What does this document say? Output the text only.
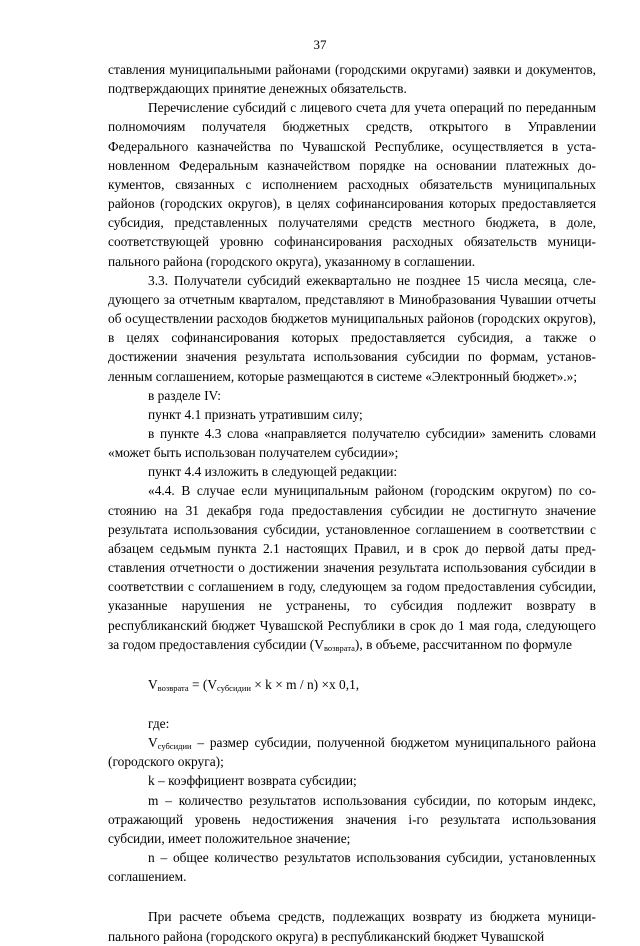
37

ставления муниципальными районами (городскими округами) заявки и документов, подтверждающих принятие денежных обязательств.

Перечисление субсидий с лицевого счета для учета операций по переданным полномочиям получателя бюджетных средств, открытого в Управлении Федерального казначейства по Чувашской Республике, осуществляется в установленном Федеральным казначейством порядке на основании платежных документов, связанных с исполнением расходных обязательств муниципальных районов (городских округов), в целях софинансирования которых предоставляется субсидия, представленных получателями средств местного бюджета, в доле, соответствующей уровню софинансирования расходных обязательств муниципального района (городского округа), указанному в соглашении.

3.3. Получатели субсидий ежеквартально не позднее 15 числа месяца, следующего за отчетным кварталом, представляют в Минобразования Чувашии отчеты об осуществлении расходов бюджетов муниципальных районов (городских округов), в целях софинансирования которых предоставляется субсидия, а также о достижении значения результата использования субсидии по формам, установленным соглашением, которые размещаются в системе «Электронный бюджет».»;

в разделе IV:

пункт 4.1 признать утратившим силу;

в пункте 4.3 слова «направляется получателю субсидии» заменить словами «может быть использован получателем субсидии»;

пункт 4.4 изложить в следующей редакции:

«4.4. В случае если муниципальным районом (городским округом) по состоянию на 31 декабря года предоставления субсидии не достигнуто значение результата использования субсидии, установленное соглашением в соответствии с абзацем седьмым пункта 2.1 настоящих Правил, и в срок до первой даты представления отчетности о достижении значения результата использования субсидии в соответствии с соглашением в году, следующем за годом предоставления субсидии, указанные нарушения не устранены, то субсидия подлежит возврату в республиканский бюджет Чувашской Республики в срок до 1 мая года, следующего за годом предоставления субсидии $(V_{возврата})$, в объеме, рассчитанном по формуле

$V_{возврата} = (V_{субсидии} \times k \times m / n) \times x$ 0,1,

где:

$V_{субсидии}$ – размер субсидии, полученной бюджетом муниципального района (городского округа);

k – коэффициент возврата субсидии;

m – количество результатов использования субсидии, по которым индекс, отражающий уровень недостижения значения i-го результата использования субсидии, имеет положительное значение;

n – общее количество результатов использования субсидии, установленных соглашением.

При расчете объема средств, подлежащих возврату из бюджета муниципального района (городского округа) в республиканский бюджет Чувашской
